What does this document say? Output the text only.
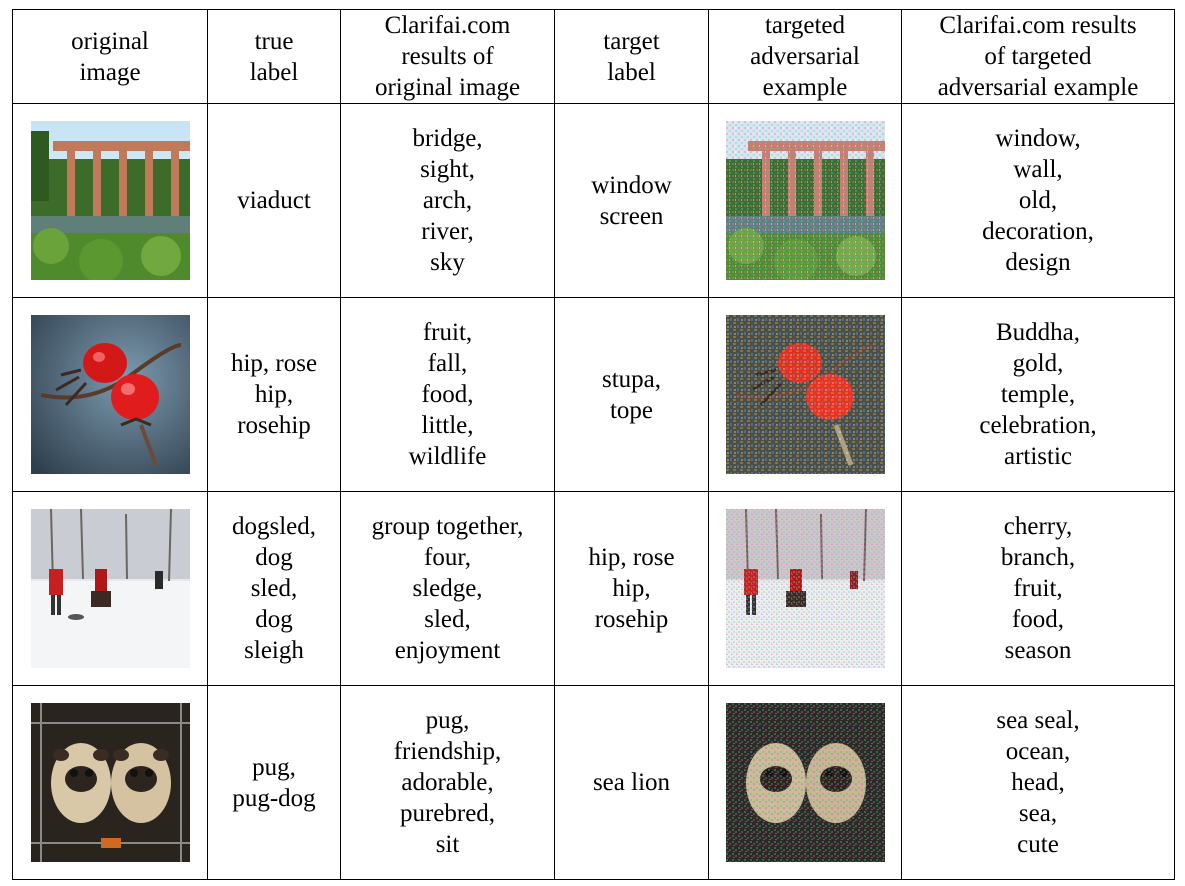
original
image	true
label	Clarifai.com
results of
original image	target
label	targeted
adversarial
example	Clarifai.com results
of targeted
adversarial example

viaduct	bridge,
sight,
arch,
river,
sky	window
screen		window,
wall,
old,
decoration,
design

hip, rose
hip,
rosehip	fruit,
fall,
food,
little,
wildlife	stupa,
tope		Buddha,
gold,
temple,
celebration,
artistic

dogsled,
dog
sled,
dog
sleigh	group together,
four,
sledge,
sled,
enjoyment	hip, rose
hip,
rosehip		cherry,
branch,
fruit,
food,
season

pug,
pug-dog	pug,
friendship,
adorable,
purebred,
sit	sea lion		sea seal,
ocean,
head,
sea,
cute
